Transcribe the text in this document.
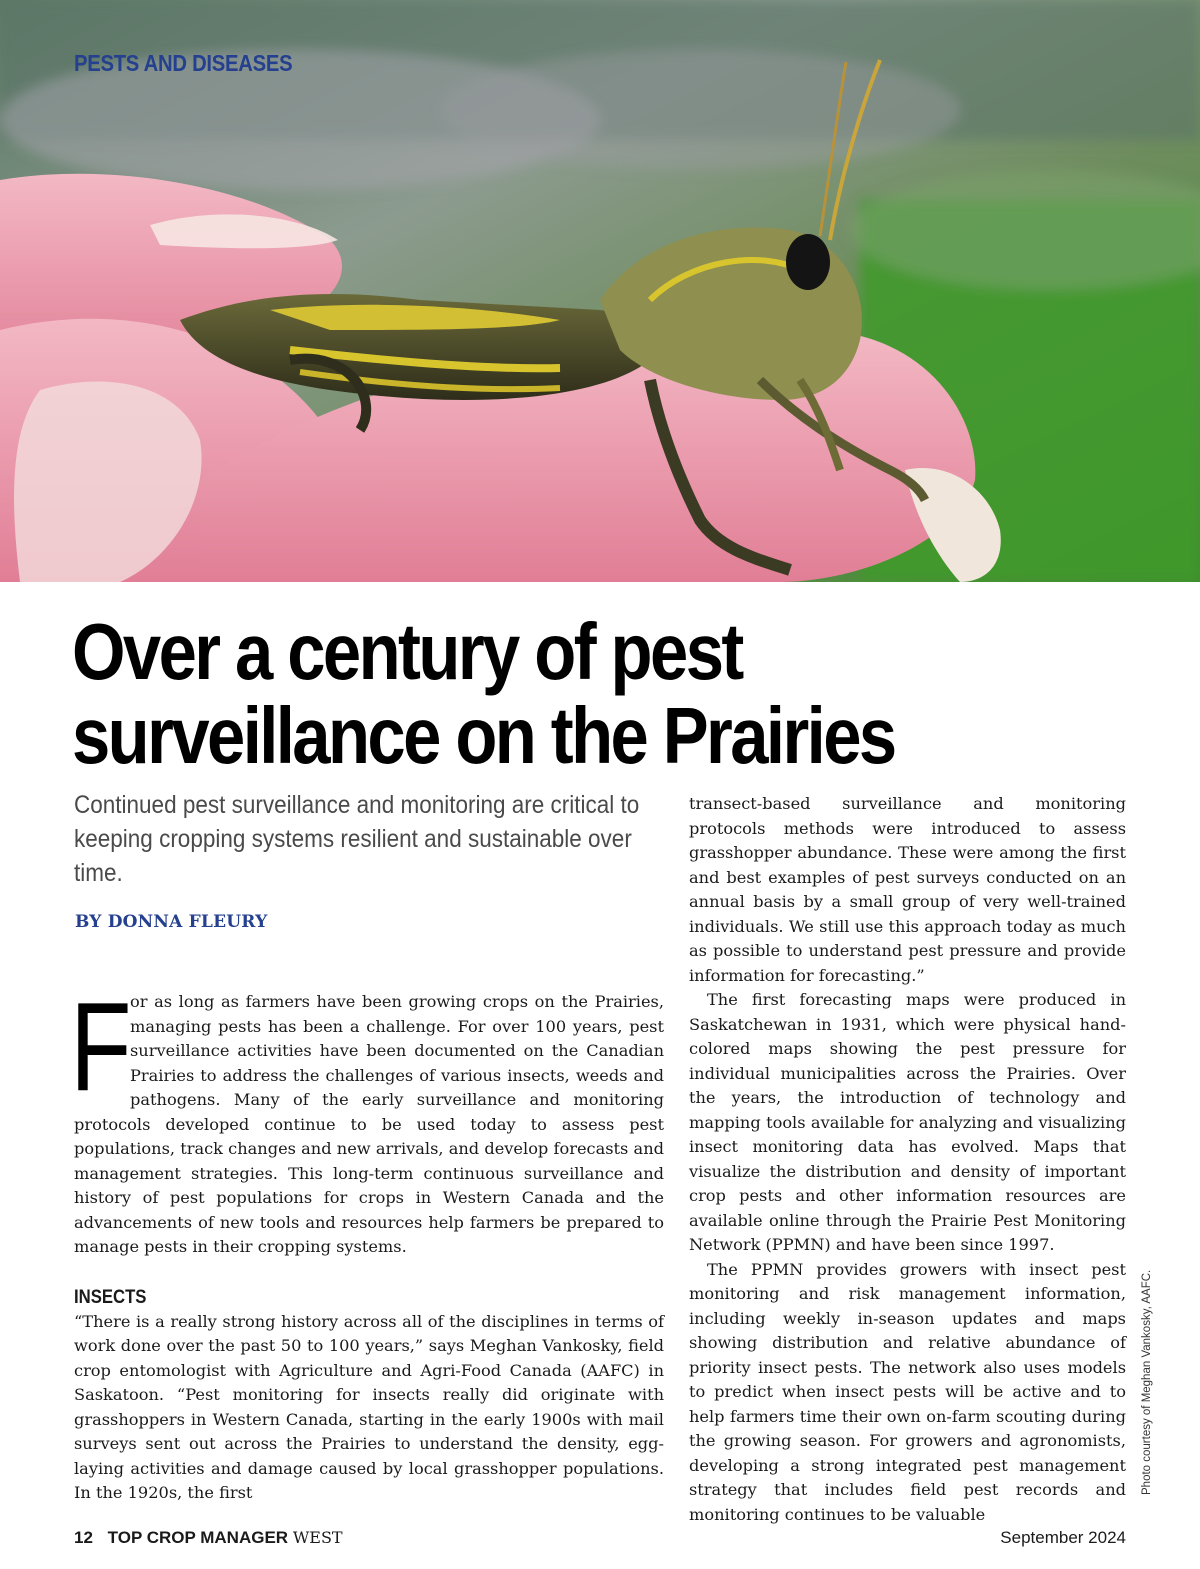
PESTS AND DISEASES
Over a century of pest surveillance on the Prairies

Continued pest surveillance and monitoring are critical to keeping cropping systems resilient and sustainable over time.

BY DONNA FLEURY

F
or as long as farmers have been growing crops on the Prairies, managing pests has been a challenge. For over 100 years, pest surveillance activities have been documented on the Canadian Prairies to address the challenges of various insects, weeds and pathogens. Many of the early surveillance and monitoring protocols developed continue to be used today to assess pest populations, track changes and new arrivals, and develop forecasts and management strategies. This long-term continuous surveillance and history of pest populations for crops in Western Canada and the advancements of new tools and resources help farmers be prepared to manage pests in their cropping systems.

INSECTS

“There is a really strong history across all of the disciplines in terms of work done over the past 50 to 100 years,” says Meghan Vankosky, field crop entomologist with Agriculture and Agri-Food Canada (AAFC) in Saskatoon. “Pest monitoring for insects really did originate with grasshoppers in Western Canada, starting in the early 1900s with mail surveys sent out across the Prairies to understand the density, egg-laying activities and damage caused by local grasshopper populations. In the 1920s, the first

transect-based surveillance and monitoring protocols methods were introduced to assess grasshopper abundance. These were among the first and best examples of pest surveys conducted on an annual basis by a small group of very well-trained individuals. We still use this approach today as much as possible to understand pest pressure and provide information for forecasting.”

The first forecasting maps were produced in Saskatchewan in 1931, which were physical hand-colored maps showing the pest pressure for individual municipalities across the Prairies. Over the years, the introduction of technology and mapping tools available for analyzing and visualizing insect monitoring data has evolved. Maps that visualize the distribution and density of important crop pests and other information resources are available online through the Prairie Pest Monitoring Network (PPMN) and have been since 1997.

The PPMN provides growers with insect pest monitoring and risk management information, including weekly in-season updates and maps showing distribution and relative abundance of priority insect pests. The network also uses models to predict when insect pests will be active and to help farmers time their own on-farm scouting during the growing season. For growers and agronomists, developing a strong integrated pest management strategy that includes field pest records and monitoring continues to be valuable

Photo courtesy of Meghan Vankosky, AAFC.

12 TOP CROP MANAGER WEST	September 2024
